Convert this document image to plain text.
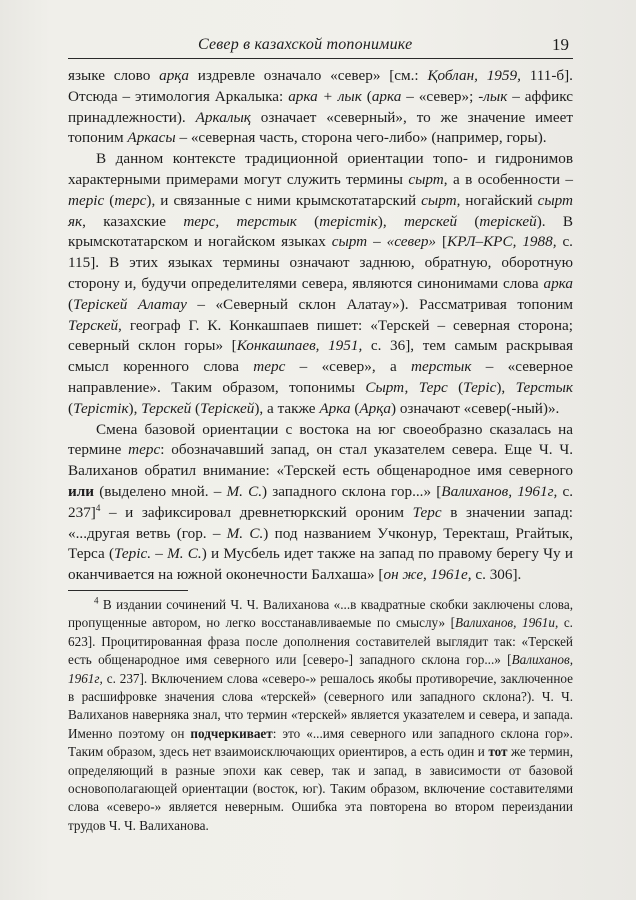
Север в казахской топонимике	19

языке слово арқа издревле означало «север» [см.: Қоблан, 1959, 111-б]. Отсюда – этимология Аркалыка: арка + лык (арка – «север»; -лык – аффикс принадлежности). Аркалық означает «северный», то же значение имеет топоним Аркасы – «северная часть, сторона чего-либо» (например, горы).

В данном контексте традиционной ориентации топо- и гидронимов характерными примерами могут служить термины сырт, а в особенности – теріс (терс), и связанные с ними крымскотатарский сырт, ногайский сырт як, казахские терс, терстык (терістік), терскей (терiскей). В крымскотатарском и ногайском языках сырт – «север» [КРЛ–КРС, 1988, с. 115]. В этих языках термины означают заднюю, обратную, оборотную сторону и, будучи определителями севера, являются синонимами слова арка (Терiскей Алатау – «Северный склон Алатау»). Рассматривая топоним Терскей, географ Г. К. Конкашпаев пишет: «Терскей – северная сторона; северный склон горы» [Конкашпаев, 1951, с. 36], тем самым раскрывая смысл коренного слова терс – «север», а терстык – «северное направление». Таким образом, топонимы Сырт, Терс (Теріс), Терстык (Терістік), Терскей (Терiскей), а также Арка (Арқа) означают «север(-ный)».

Смена базовой ориентации с востока на юг своеобразно сказалась на термине терс: обозначавший запад, он стал указателем севера. Еще Ч. Ч. Валиханов обратил внимание: «Терскей есть общенародное имя северного или (выделено мной. – М. С.) западного склона гор...» [Валиханов, 1961г, с. 237]$^4$ – и зафиксировал древнетюркский ороним Терс в значении запад: «...другая ветвь (гор. – М. С.) под названием Учконур, Теректаш, Ргайтык, Терса (Теріс. – М. С.) и Мусбель идет также на запад по правому берегу Чу и оканчивается на южной оконечности Балхаша» [он же, 1961е, с. 306].

$^4$ В издании сочинений Ч. Ч. Валиханова «...в квадратные скобки заключены слова, пропущенные автором, но легко восстанавливаемые по смыслу» [Валиханов, 1961и, с. 623]. Процитированная фраза после дополнения составителей выглядит так: «Терскей есть общенародное имя северного или [северо-] западного склона гор...» [Валиханов, 1961г, с. 237]. Включением слова «северо-» решалось якобы противоречие, заключенное в расшифровке значения слова «терскей» (северного или западного склона?). Ч. Ч. Валиханов наверняка знал, что термин «терскей» является указателем и севера, и запада. Именно поэтому он подчеркивает: это «...имя северного или западного склона гор». Таким образом, здесь нет взаимоисключающих ориентиров, а есть один и тот же термин, определяющий в разные эпохи как север, так и запад, в зависимости от базовой основополагающей ориентации (восток, юг). Таким образом, включение составителями слова «северо-» является неверным. Ошибка эта повторена во втором переиздании трудов Ч. Ч. Валиханова.
